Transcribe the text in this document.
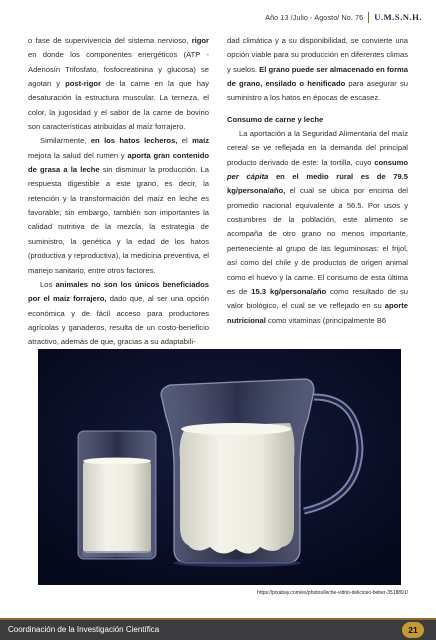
Año 13 /Julio - Agosto/ No. 76 U.M.S.N.H.

o fase de supervivencia del sistema nervioso, rigor en donde los componentes energéticos (ATP -Adenosín Trifosfato, fosfocreatinina y glucosa) se agotan y post-rigor de la carne en la que hay desaturación la estructura muscular. La terneza, el color, la jugosidad y el sabor de la carne de bovino son características atribuidas al maíz forrajero.

Similarmente, en los hatos lecheros, el maíz mejora la salud del rumen y aporta gran contenido de grasa a la leche sin disminuir la producción. La respuesta digestible a este grano, es decir, la retención y la transformación del maíz en leche es favorable; sin embargo, también son importantes la calidad nutritiva de la mezcla, la estrategia de suministro, la genética y la edad de los hatos (productiva y reproductiva), la medicina preventiva, el manejo sanitario, entre otros factores.

Los animales no son los únicos beneficiados por el maíz forrajero, dado que, al ser una opción económica y de fácil acceso para productores agrícolas y ganaderos, resulta de un costo-beneficio atractivo, además de que, gracias a su adaptabili-

dad climática y a su disponibilidad, se convierte una opción viable para su producción en diferentes climas y suelos. El grano puede ser almacenado en forma de grano, ensilado o henificado para asegurar su suministro a los hatos en épocas de escasez.

Consumo de carne y leche

La aportación a la Seguridad Alimentaria del maíz cereal se ve reflejada en la demanda del principal producto derivado de este: la tortilla, cuyo consumo per cápita en el medio rural es de 79.5 kg/persona/año, el cual se ubica por encima del promedio nacional equivalente a 56.5. Por usos y costumbres de la población, este alimento se acompaña de otro grano no menos importante, perteneciente al grupo de las leguminosas: el frijol, así como del chile y de productos de origen animal como el huevo y la carne. El consumo de esta última es de 15.3 kg/persona/año como resultado de su valor biológico, el cual se ve reflejado en su aporte nutricional como vitaminas (principalmente B6

https://pixabay.com/es/photos/leche-vidrio-delicioso-beber-3518891/
Coordinación de la Investigación Científica	21
